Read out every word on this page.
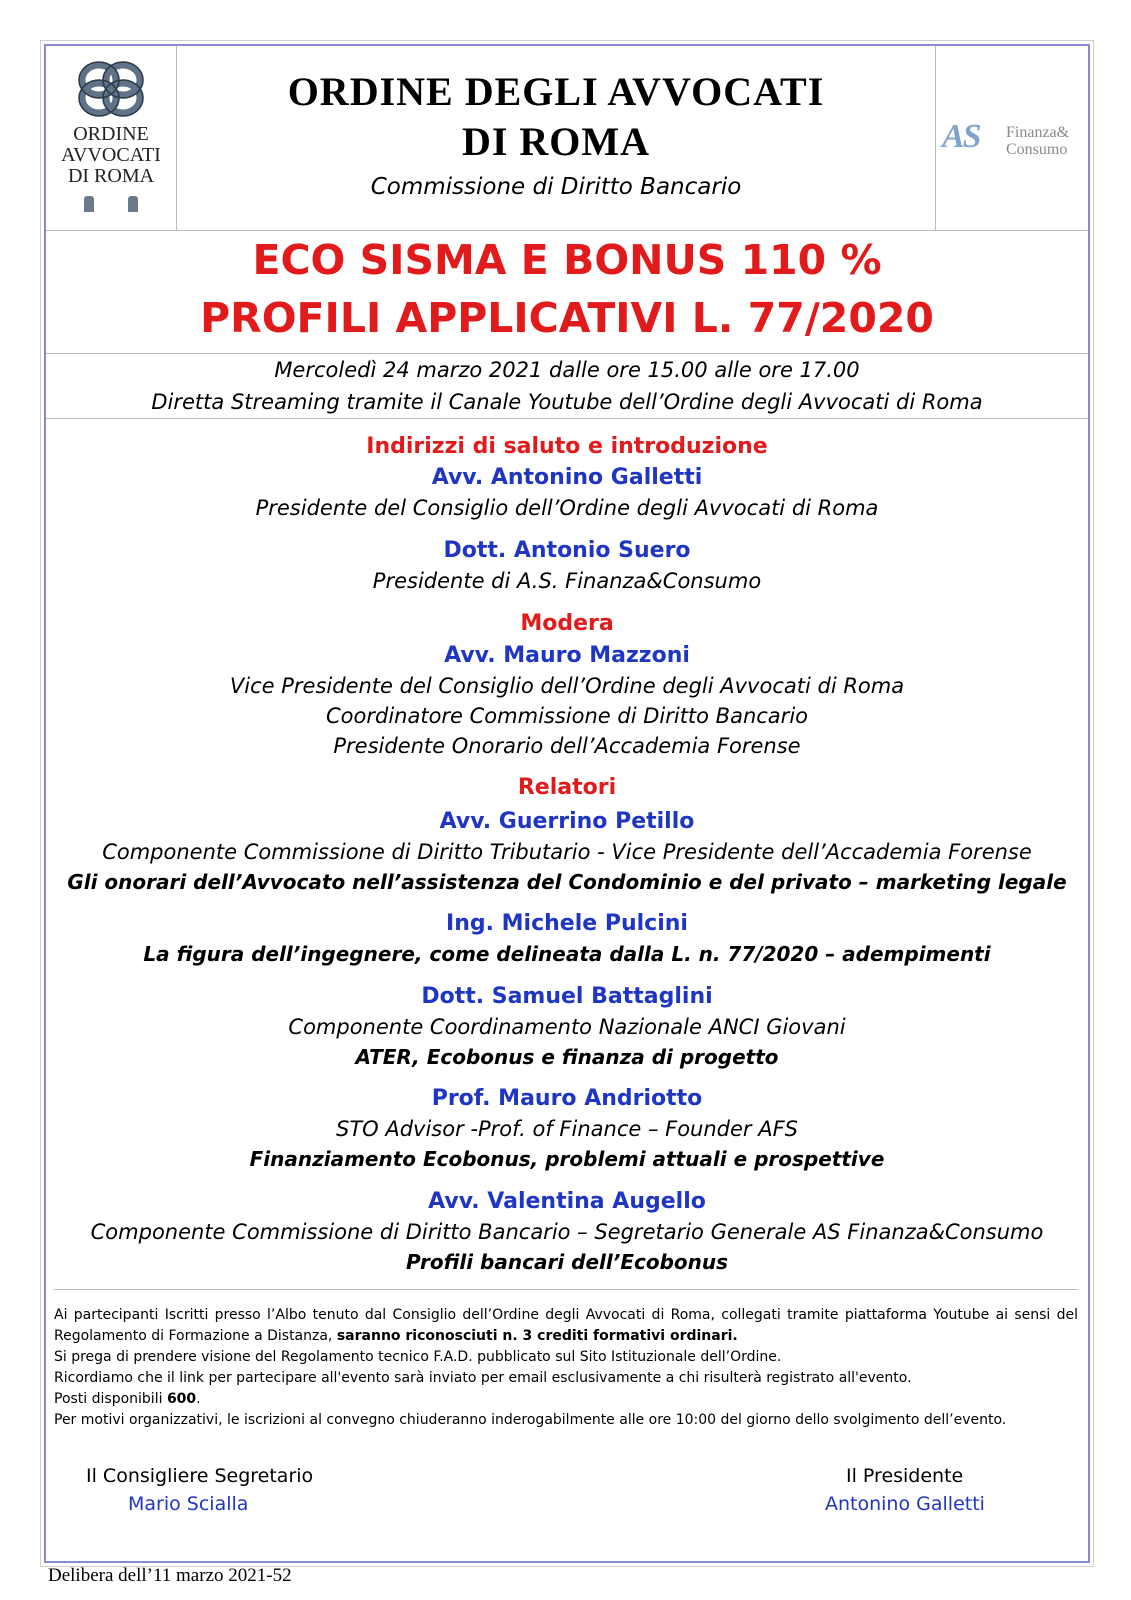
ORDINE
AVVOCATI
DI ROMA
ORDINE DEGLI AVVOCATI
DI ROMA
Commissione di Diritto Bancario
AS Finanza&
Consumo
ECO SISMA E BONUS 110 %
PROFILI APPLICATIVI L. 77/2020
Mercoledì 24 marzo 2021 dalle ore 15.00 alle ore 17.00
Diretta Streaming tramite il Canale Youtube dell’Ordine degli Avvocati di Roma
Indirizzi di saluto e introduzione
Avv. Antonino Galletti
Presidente del Consiglio dell’Ordine degli Avvocati di Roma
Dott. Antonio Suero
Presidente di A.S. Finanza&Consumo
Modera
Avv. Mauro Mazzoni
Vice Presidente del Consiglio dell’Ordine degli Avvocati di Roma
Coordinatore Commissione di Diritto Bancario
Presidente Onorario dell’Accademia Forense
Relatori
Avv. Guerrino Petillo
Componente Commissione di Diritto Tributario - Vice Presidente dell’Accademia Forense
Gli onorari dell’Avvocato nell’assistenza del Condominio e del privato – marketing legale
Ing. Michele Pulcini
La figura dell’ingegnere, come delineata dalla L. n. 77/2020 – adempimenti
Dott. Samuel Battaglini
Componente Coordinamento Nazionale ANCI Giovani
ATER, Ecobonus e finanza di progetto
Prof. Mauro Andriotto
STO Advisor -Prof. of Finance – Founder AFS
Finanziamento Ecobonus, problemi attuali e prospettive
Avv. Valentina Augello
Componente Commissione di Diritto Bancario – Segretario Generale AS Finanza&Consumo
Profili bancari dell’Ecobonus

Ai partecipanti Iscritti presso l’Albo tenuto dal Consiglio dell’Ordine degli Avvocati di Roma, collegati tramite piattaforma Youtube ai sensi del Regolamento di Formazione a Distanza, saranno riconosciuti n. 3 crediti formativi ordinari.

Si prega di prendere visione del Regolamento tecnico F.A.D. pubblicato sul Sito Istituzionale dell’Ordine.

Ricordiamo che il link per partecipare all'evento sarà inviato per email esclusivamente a chi risulterà registrato all'evento.

Posti disponibili 600.

Per motivi organizzativi, le iscrizioni al convegno chiuderanno inderogabilmente alle ore 10:00 del giorno dello svolgimento dell’evento.

Il Consigliere Segretario
Mario Scialla
Il Presidente
Antonino Galletti
Delibera dell’11 marzo 2021-52
